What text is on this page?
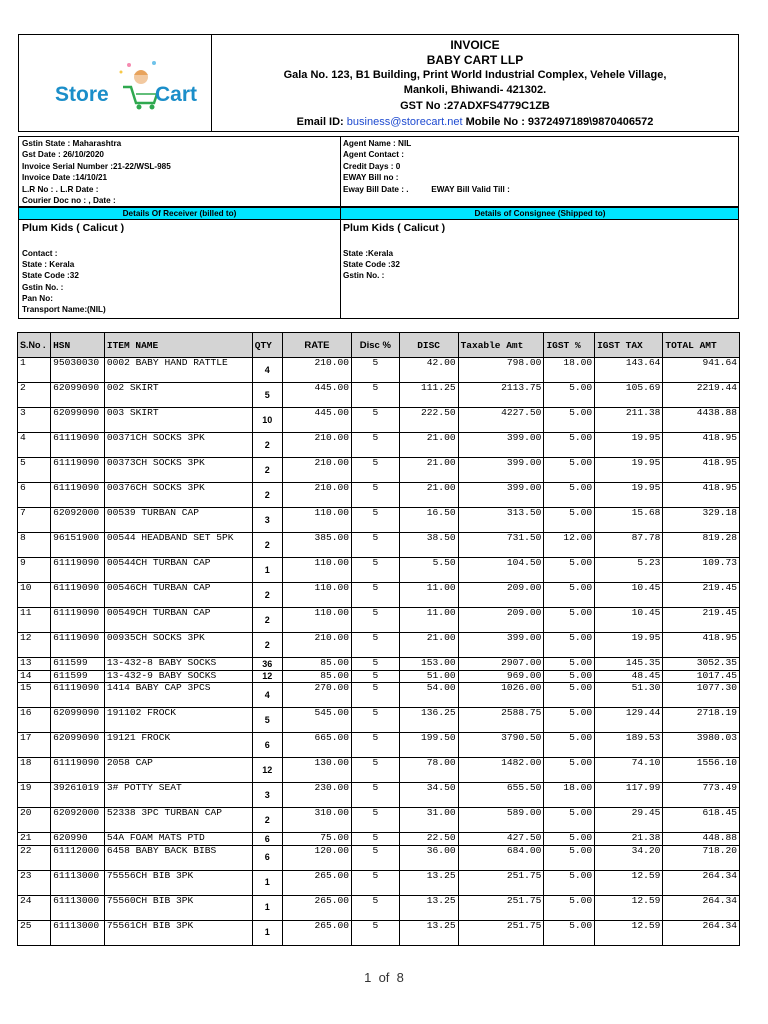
Store Cart
INVOICE
BABY CART LLP
Gala No. 123, B1 Building, Print World Industrial Complex, Vehele Village,
Mankoli, Bhiwandi- 421302.
GST No :27ADXFS4779C1ZB
Email ID: business@storecart.net Mobile No : 9372497189\9870406572
Gstin State : Maharashtra
Gst Date : 26/10/2020
Invoice Serial Number :21-22/WSL-985
Invoice Date :14/10/21
L.R No : . L.R Date :
Courier Doc no : , Date :
Agent Name : NIL
Agent Contact :
Credit Days : 0
EWAY Bill no :
Eway Bill Date : .          EWAY Bill Valid Till :
Details Of Receiver (billed to)	Details of Consignee (Shipped to)
Plum Kids ( Calicut )
Contact :
State : Kerala
State Code :32
Gstin No. :
Pan No:
Transport Name:(NIL)
Plum Kids ( Calicut )
State :Kerala
State Code :32
Gstin No. :
S.No .	HSN	ITEM NAME	QTY	RATE	Disc %	DISC	Taxable Amt	IGST %	IGST TAX	TOTAL AMT
1	95030030	0002 BABY HAND RATTLE	4	210.00	5	42.00	798.00	18.00	143.64	941.64
2	62099090	002 SKIRT	5	445.00	5	111.25	2113.75	5.00	105.69	2219.44
3	62099090	003 SKIRT	10	445.00	5	222.50	4227.50	5.00	211.38	4438.88
4	61119090	00371CH SOCKS 3PK	2	210.00	5	21.00	399.00	5.00	19.95	418.95
5	61119090	00373CH SOCKS 3PK	2	210.00	5	21.00	399.00	5.00	19.95	418.95
6	61119090	00376CH SOCKS 3PK	2	210.00	5	21.00	399.00	5.00	19.95	418.95
7	62092000	00539 TURBAN CAP	3	110.00	5	16.50	313.50	5.00	15.68	329.18
8	96151900	00544 HEADBAND SET 5PK	2	385.00	5	38.50	731.50	12.00	87.78	819.28
9	61119090	00544CH TURBAN CAP	1	110.00	5	5.50	104.50	5.00	5.23	109.73
10	61119090	00546CH TURBAN CAP	2	110.00	5	11.00	209.00	5.00	10.45	219.45
11	61119090	00549CH TURBAN CAP	2	110.00	5	11.00	209.00	5.00	10.45	219.45
12	61119090	00935CH SOCKS 3PK	2	210.00	5	21.00	399.00	5.00	19.95	418.95
13	611599	13-432-8 BABY SOCKS	36	85.00	5	153.00	2907.00	5.00	145.35	3052.35
14	611599	13-432-9 BABY SOCKS	12	85.00	5	51.00	969.00	5.00	48.45	1017.45
15	61119090	1414 BABY CAP 3PCS	4	270.00	5	54.00	1026.00	5.00	51.30	1077.30
16	62099090	191102 FROCK	5	545.00	5	136.25	2588.75	5.00	129.44	2718.19
17	62099090	19121 FROCK	6	665.00	5	199.50	3790.50	5.00	189.53	3980.03
18	61119090	2058 CAP	12	130.00	5	78.00	1482.00	5.00	74.10	1556.10
19	39261019	3# POTTY SEAT	3	230.00	5	34.50	655.50	18.00	117.99	773.49
20	62092000	52338 3PC TURBAN CAP	2	310.00	5	31.00	589.00	5.00	29.45	618.45
21	620990	54A FOAM MATS PTD	6	75.00	5	22.50	427.50	5.00	21.38	448.88
22	61112000	6458 BABY BACK BIBS	6	120.00	5	36.00	684.00	5.00	34.20	718.20
23	61113000	75556CH BIB 3PK	1	265.00	5	13.25	251.75	5.00	12.59	264.34
24	61113000	75560CH BIB 3PK	1	265.00	5	13.25	251.75	5.00	12.59	264.34
25	61113000	75561CH BIB 3PK	1	265.00	5	13.25	251.75	5.00	12.59	264.34
1 of 8
